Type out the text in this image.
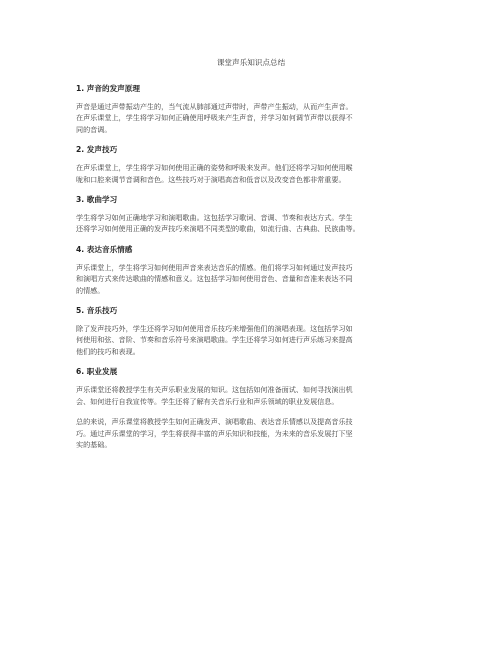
课堂声乐知识点总结
1. 声音的发声原理
声音是通过声带振动产生的，当气流从肺部通过声带时，声带产生振动，从而产生声音。
在声乐课堂上，学生将学习如何正确使用呼吸来产生声音，并学习如何调节声带以获得不
同的音调。
2. 发声技巧
在声乐课堂上，学生将学习如何使用正确的姿势和呼吸来发声。他们还将学习如何使用喉
咙和口腔来调节音调和音色。这些技巧对于演唱高音和低音以及改变音色都非常重要。
3. 歌曲学习
学生将学习如何正确地学习和演唱歌曲。这包括学习歌词、音调、节奏和表达方式。学生
还将学习如何使用正确的发声技巧来演唱不同类型的歌曲，如流行曲、古典曲、民族曲等。
4. 表达音乐情感
声乐课堂上，学生将学习如何使用声音来表达音乐的情感。他们将学习如何通过发声技巧
和演唱方式来传达歌曲的情感和意义。这包括学习如何使用音色、音量和音准来表达不同
的情感。
5. 音乐技巧
除了发声技巧外，学生还将学习如何使用音乐技巧来增强他们的演唱表现。这包括学习如
何使用和弦、音阶、节奏和音乐符号来演唱歌曲。学生还将学习如何进行声乐练习来提高
他们的技巧和表现。
6. 职业发展
声乐课堂还将教授学生有关声乐职业发展的知识。这包括如何准备面试、如何寻找演出机
会、如何进行自我宣传等。学生还将了解有关音乐行业和声乐领域的职业发展信息。
总的来说，声乐课堂将教授学生如何正确发声、演唱歌曲、表达音乐情感以及提高音乐技
巧。通过声乐课堂的学习，学生将获得丰富的声乐知识和技能，为未来的音乐发展打下坚
实的基础。
